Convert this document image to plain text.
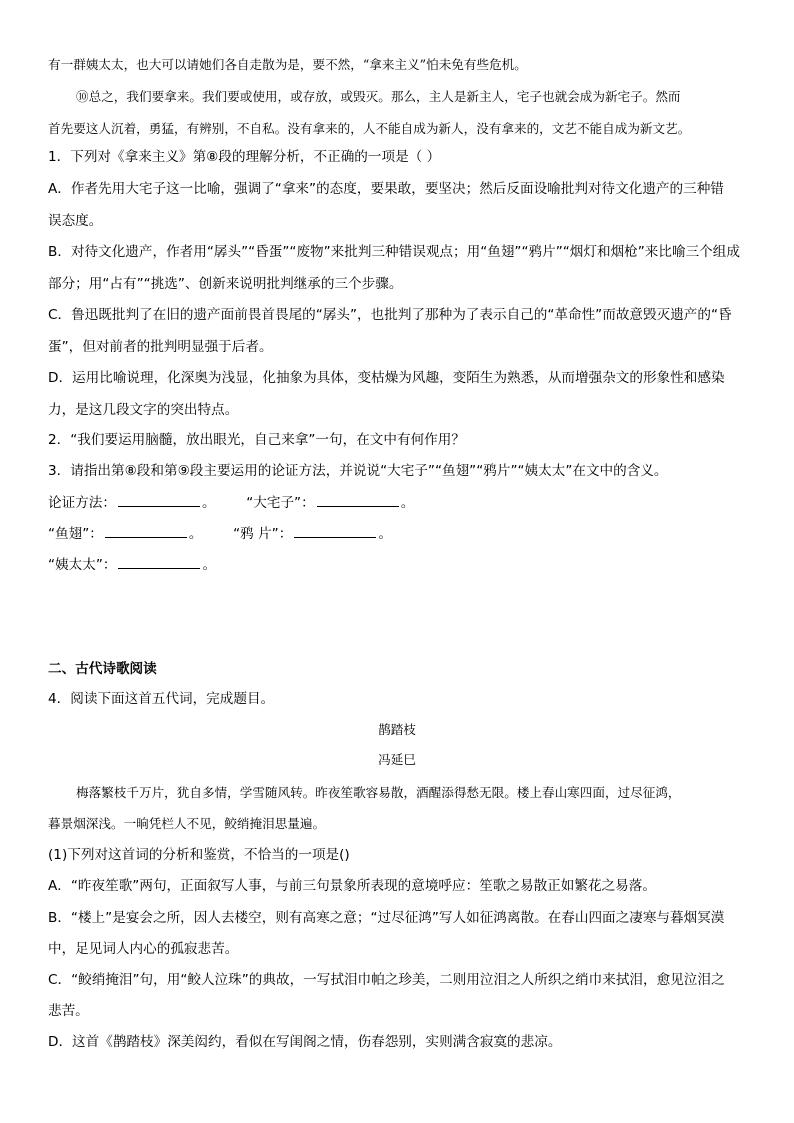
有一群姨太太，也大可以请她们各自走散为是，要不然，“拿来主义”怕未免有些危机。
⑩总之，我们要拿来。我们要或使用，或存放，或毁灭。那么，主人是新主人，宅子也就会成为新宅子。然而
首先要这人沉着，勇猛，有辨别，不自私。没有拿来的，人不能自成为新人，没有拿来的，文艺不能自成为新文艺。
1．下列对《拿来主义》第⑧段的理解分析，不正确的一项是（ ）
A．作者先用大宅子这一比喻，强调了“拿来”的态度，要果敢，要坚决；然后反面设喻批判对待文化遗产的三种错
误态度。
B．对待文化遗产，作者用“孱头”“昏蛋”“废物”来批判三种错误观点；用“鱼翅”“鸦片”“烟灯和烟枪”来比喻三个组成
部分；用“占有”“挑选”、创新来说明批判继承的三个步骤。
C．鲁迅既批判了在旧的遗产面前畏首畏尾的“孱头”，也批判了那种为了表示自己的“革命性”而故意毁灭遗产的“昏
蛋”，但对前者的批判明显强于后者。
D．运用比喻说理，化深奥为浅显，化抽象为具体，变枯燥为风趣，变陌生为熟悉，从而增强杂文的形象性和感染
力，是这几段文字的突出特点。
2．“我们要运用脑髓，放出眼光，自己来拿”一句，在文中有何作用？
3．请指出第⑧段和第⑨段主要运用的论证方法，并说说“大宅子”“鱼翅”“鸦片”“姨太太”在文中的含义。
论证方法：	。 “大宅子”：	。
“鱼翅”：	。 “鸦 片”：	。
“姨太太”：	。
二、古代诗歌阅读
4．阅读下面这首五代词，完成题目。
鹊踏枝
冯延巳
梅落繁枝千万片，犹自多情，学雪随风转。昨夜笙歌容易散，酒醒添得愁无限。楼上春山寒四面，过尽征鸿，
暮景烟深浅。一晌凭栏人不见，鲛绡掩泪思量遍。
(1)下列对这首词的分析和鉴赏，不恰当的一项是()
A．“昨夜笙歌”两句，正面叙写人事，与前三句景象所表现的意境呼应：笙歌之易散正如繁花之易落。
B．“楼上”是宴会之所，因人去楼空，则有高寒之意；“过尽征鸿”写人如征鸿离散。在春山四面之凄寒与暮烟冥漠
中，足见词人内心的孤寂悲苦。
C．“鲛绡掩泪”句，用“鲛人泣珠”的典故，一写拭泪巾帕之珍美，二则用泣泪之人所织之绡巾来拭泪，愈见泣泪之
悲苦。
D．这首《鹊踏枝》深美闳约，看似在写闺阁之情，伤春怨别，实则满含寂寞的悲凉。
